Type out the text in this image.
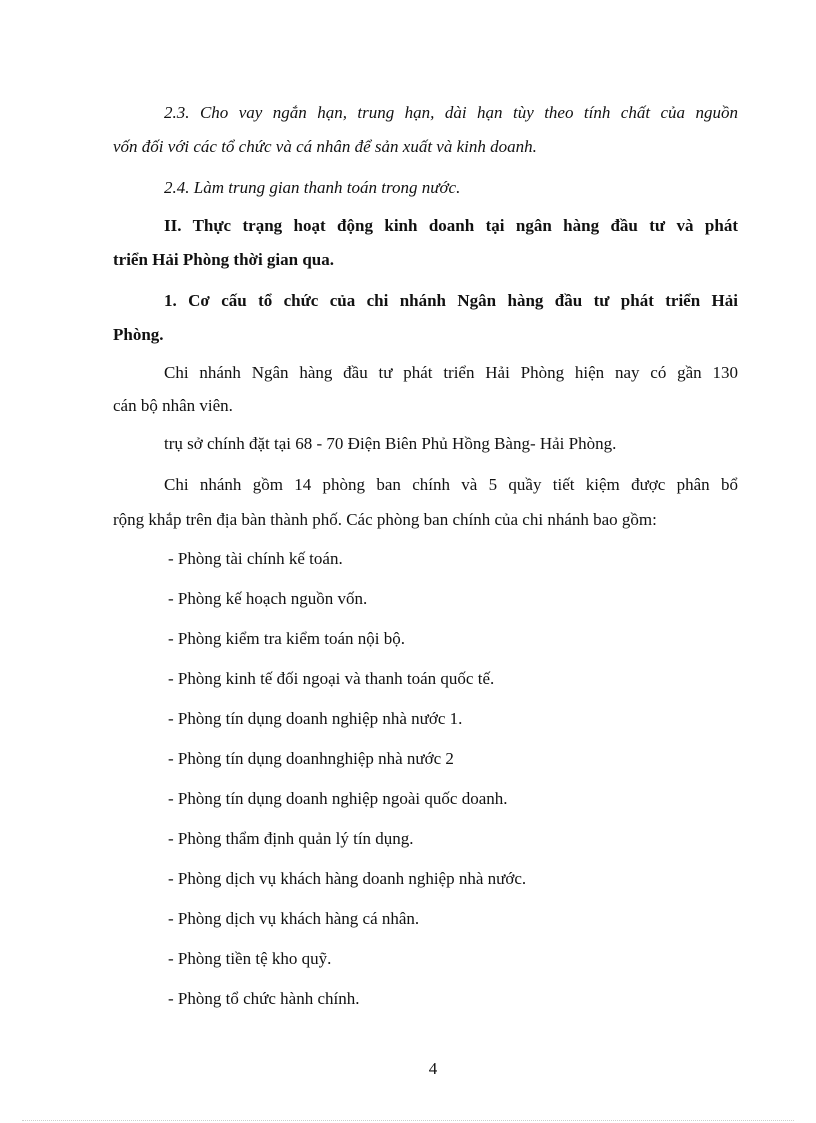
2.3. Cho vay ngắn hạn, trung hạn, dài hạn tùy theo tính chất của nguồn
vốn đối với các tổ chức và cá nhân để sản xuất và kinh doanh.
2.4. Làm trung gian thanh toán trong nước.
II. Thực trạng hoạt động kinh doanh tại ngân hàng đầu tư và phát
triển Hải Phòng thời gian qua.
1. Cơ cấu tổ chức của chi nhánh Ngân hàng đầu tư phát triển Hải
Phòng.
Chi nhánh Ngân hàng đầu tư phát triển Hải Phòng hiện nay có gần 130
cán bộ nhân viên.
trụ sở chính đặt tại 68 - 70 Điện Biên Phủ Hồng Bàng- Hải Phòng.
Chi nhánh gồm 14 phòng ban chính và 5 quầy tiết kiệm được phân bổ
rộng khắp trên địa bàn thành phố. Các phòng ban chính của chi nhánh bao gồm:
- Phòng tài chính kế toán.
- Phòng kế hoạch nguồn vốn.
- Phòng kiểm tra kiểm toán nội bộ.
- Phòng kinh tế đối ngoại và thanh toán quốc tế.
- Phòng tín dụng doanh nghiệp nhà nước 1.
- Phòng tín dụng doanhnghiệp nhà nước 2
- Phòng tín dụng doanh nghiệp ngoài quốc doanh.
- Phòng thẩm định quản lý tín dụng.
- Phòng dịch vụ khách hàng doanh nghiệp nhà nước.
- Phòng dịch vụ khách hàng cá nhân.
- Phòng tiền tệ kho quỹ.
- Phòng tổ chức hành chính.
4
